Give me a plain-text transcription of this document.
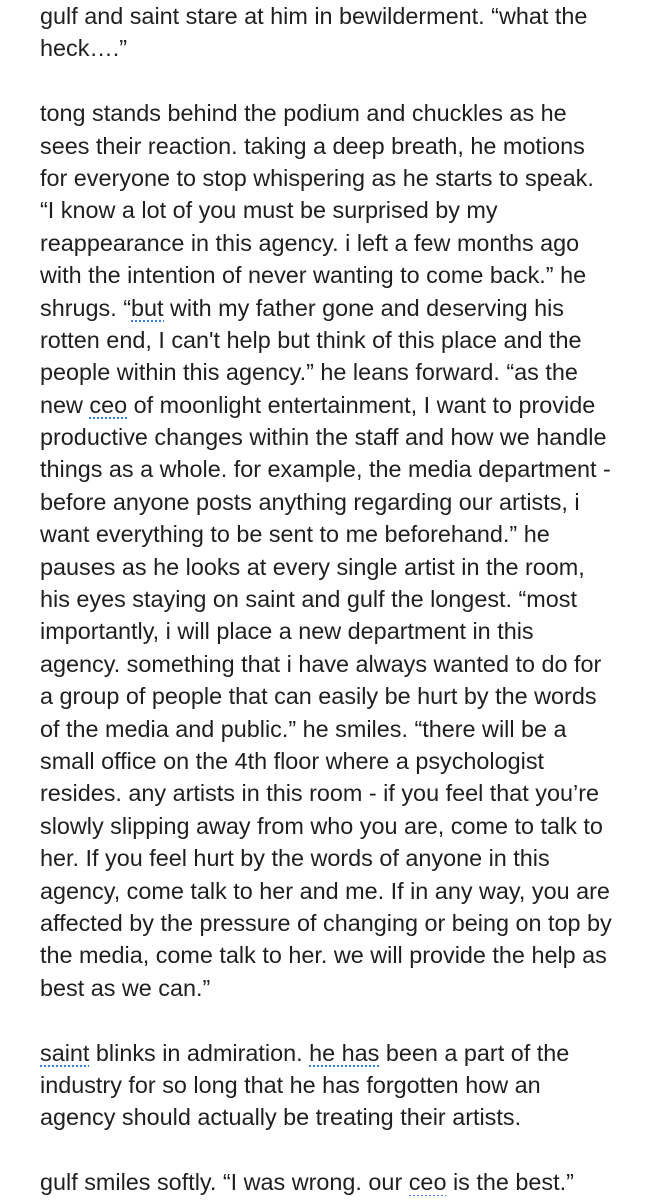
gulf and saint stare at him in bewilderment. “what the
heck….”
tong stands behind the podium and chuckles as he
sees their reaction. taking a deep breath, he motions
for everyone to stop whispering as he starts to speak.
“I know a lot of you must be surprised by my
reappearance in this agency. i left a few months ago
with the intention of never wanting to come back.” he
shrugs. “but with my father gone and deserving his
rotten end, I can't help but think of this place and the
people within this agency.” he leans forward. “as the
new ceo of moonlight entertainment, I want to provide
productive changes within the staff and how we handle
things as a whole. for example, the media department -
before anyone posts anything regarding our artists, i
want everything to be sent to me beforehand.” he
pauses as he looks at every single artist in the room,
his eyes staying on saint and gulf the longest. “most
importantly, i will place a new department in this
agency. something that i have always wanted to do for
a group of people that can easily be hurt by the words
of the media and public.” he smiles. “there will be a
small office on the 4th floor where a psychologist
resides. any artists in this room - if you feel that you’re
slowly slipping away from who you are, come to talk to
her. If you feel hurt by the words of anyone in this
agency, come talk to her and me. If in any way, you are
affected by the pressure of changing or being on top by
the media, come talk to her. we will provide the help as
best as we can.”
saint blinks in admiration. he has been a part of the
industry for so long that he has forgotten how an
agency should actually be treating their artists.
gulf smiles softly. “I was wrong. our ceo is the best.”
